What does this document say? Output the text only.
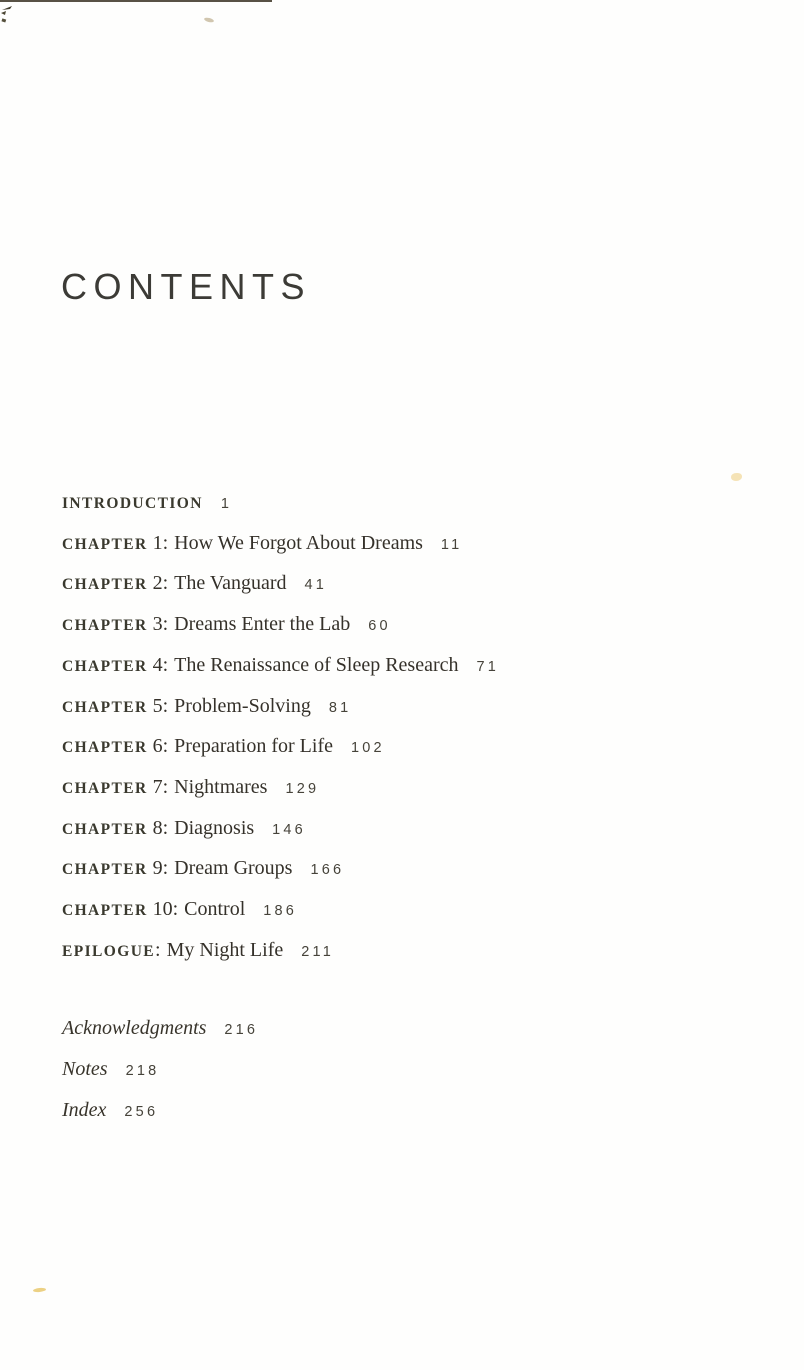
CONTENTS
INTRODUCTION 1
CHAPTER 1: How We Forgot About Dreams 11
CHAPTER 2: The Vanguard 41
CHAPTER 3: Dreams Enter the Lab 60
CHAPTER 4: The Renaissance of Sleep Research 71
CHAPTER 5: Problem-Solving 81
CHAPTER 6: Preparation for Life 102
CHAPTER 7: Nightmares 129
CHAPTER 8: Diagnosis 146
CHAPTER 9: Dream Groups 166
CHAPTER 10: Control 186
EPILOGUE: My Night Life 211
Acknowledgments 216
Notes 218
Index 256
